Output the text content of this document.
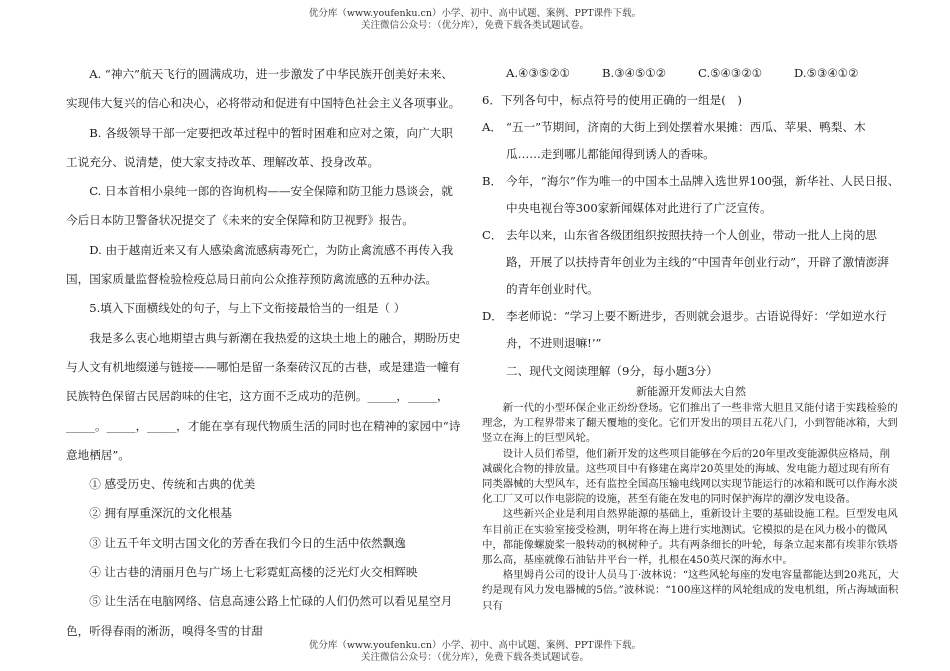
优分库（www.youfenku.cn）小学、初中、高中试题、案例、PPT课件下载。
关注微信公众号：（优分库），免费下载各类试题试卷。

A. “神六”航天飞行的圆满成功，进一步激发了中华民族开创美好未来、实现伟大复兴的信心和决心，必将带动和促进有中国特色社会主义各项事业。

B. 各级领导干部一定要把改革过程中的暂时困难和应对之策，向广大职工说充分、说清楚，使大家支持改革、理解改革、投身改革。

C. 日本首相小泉纯一郎的咨询机构——安全保障和防卫能力恳谈会，就今后日本防卫警备状况提交了《未来的安全保障和防卫视野》报告。

D. 由于越南近来又有人感染禽流感病毒死亡，为防止禽流感不再传入我国，国家质量监督检验检疫总局日前向公众推荐预防禽流感的五种办法。

5.填入下面横线处的句子，与上下文衔接最恰当的一组是（ ）

我是多么衷心地期望古典与新潮在我热爱的这块土地上的融合，期盼历史与人文有机地缀递与链接——哪怕是留一条秦砖汉瓦的古巷，或是建造一幢有民族特色保留古民居韵味的住宅，这方面不乏成功的范例。_____，_____，_____。_____，_____，才能在享有现代物质生活的同时也在精神的家园中“诗意地栖居”。

① 感受历史、传统和古典的优美

② 拥有厚重深沉的文化根基

③ 让五千年文明古国文化的芳香在我们今日的生活中依然飘逸

④ 让古巷的清丽月色与广场上七彩霓虹高楼的泛光灯火交相辉映

⑤ 让生活在电脑网络、信息高速公路上忙碌的人们仍然可以看见星空月色，听得春雨的淅沥，嗅得冬雪的甘甜

A.④③⑤②①	B.③④⑤①②	C.⑤④③②①	D.⑤③④①②

6．下列各句中，标点符号的使用正确的一组是(　)

A． “五一”节期间，济南的大街上到处摆着水果摊：西瓜、苹果、鸭梨、木瓜……走到哪儿都能闻得到诱人的香味。
B． 今年，“海尔”作为唯一的中国本土品牌入选世界100强，新华社、人民日报、中央电视台等300家新闻媒体对此进行了广泛宣传。
C． 去年以来，山东省各级团组织按照扶持一个人创业，带动一批人上岗的思路，开展了以扶持青年创业为主线的“中国青年创业行动”，开辟了激情澎湃的青年创业时代。
D． 李老师说：“学习上要不断进步，否则就会退步。古语说得好：‘学如逆水行舟，不进则退嘛!’”
二、现代文阅读理解（9分，每小题3分）
新能源开发师法大自然

新一代的小型环保企业正纷纷登场。它们推出了一些非常大胆且又能付诸于实践检验的理念，为工程界带来了翻天覆地的变化。它们开发出的项目五花八门，小到智能冰箱，大到竖立在海上的巨型风轮。

设计人员们希望，他们新开发的这些项目能够在今后的20年里改变能源供应格局，削减碳化合物的排放量。这些项目中有修建在离岸20英里处的海域、发电能力超过现有所有同类器械的大型风车，还有监控全国高压输电线网以实现节能运行的冰箱和既可以作海水淡化工厂又可以作电影院的设施，甚至有能在发电的同时保护海岸的潮汐发电设备。

这些新兴企业是利用自然界能源的基础上，重新设计主要的基础设施工程。巨型发电风车目前正在实验室接受检测，明年将在海上进行实地测试。它模拟的是在风力极小的微风中，都能像螺旋桨一般转动的枫树种子。共有两条细长的叶轮，每条立起来都有埃菲尔铁塔那么高，基座就像石油钻井平台一样，扎根在450英尺深的海水中。

格里姆肖公司的设计人员马丁·波林说：“这些风轮每座的发电容量都能达到20兆瓦，大约是现有风力发电器械的5倍。”波林说：“100座这样的风轮组成的发电机组，所占海域面积只有

优分库（www.youfenku.cn）小学、初中、高中试题、案例、PPT课件下载。
关注微信公众号：（优分库），免费下载各类试题试卷。
